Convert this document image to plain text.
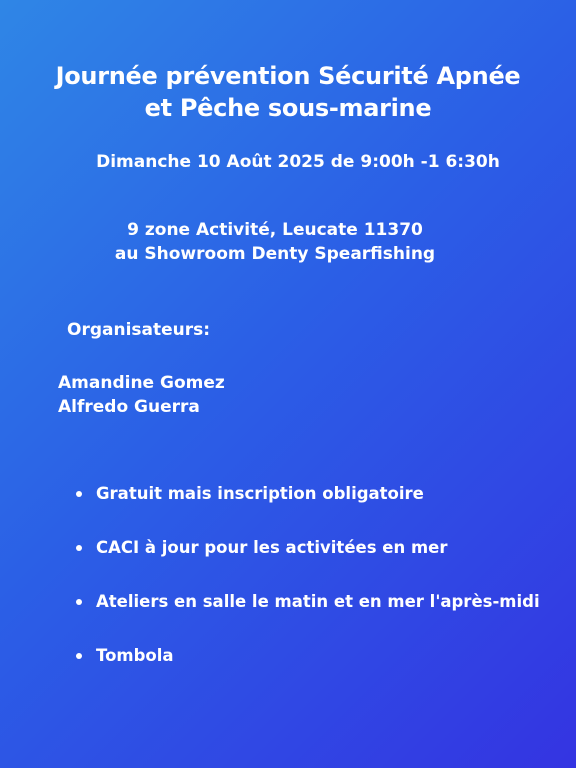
Journée prévention Sécurité Apnée
et Pêche sous-marine
Dimanche 10 Août 2025 de 9:00h -1 6:30h
9 zone Activité, Leucate 11370
au Showroom Denty Spearfishing
Organisateurs:
Amandine Gomez
Alfredo Guerra
Gratuit mais inscription obligatoire
CACI à jour pour les activitées en mer
Ateliers en salle le matin et en mer l'après-midi
Tombola
